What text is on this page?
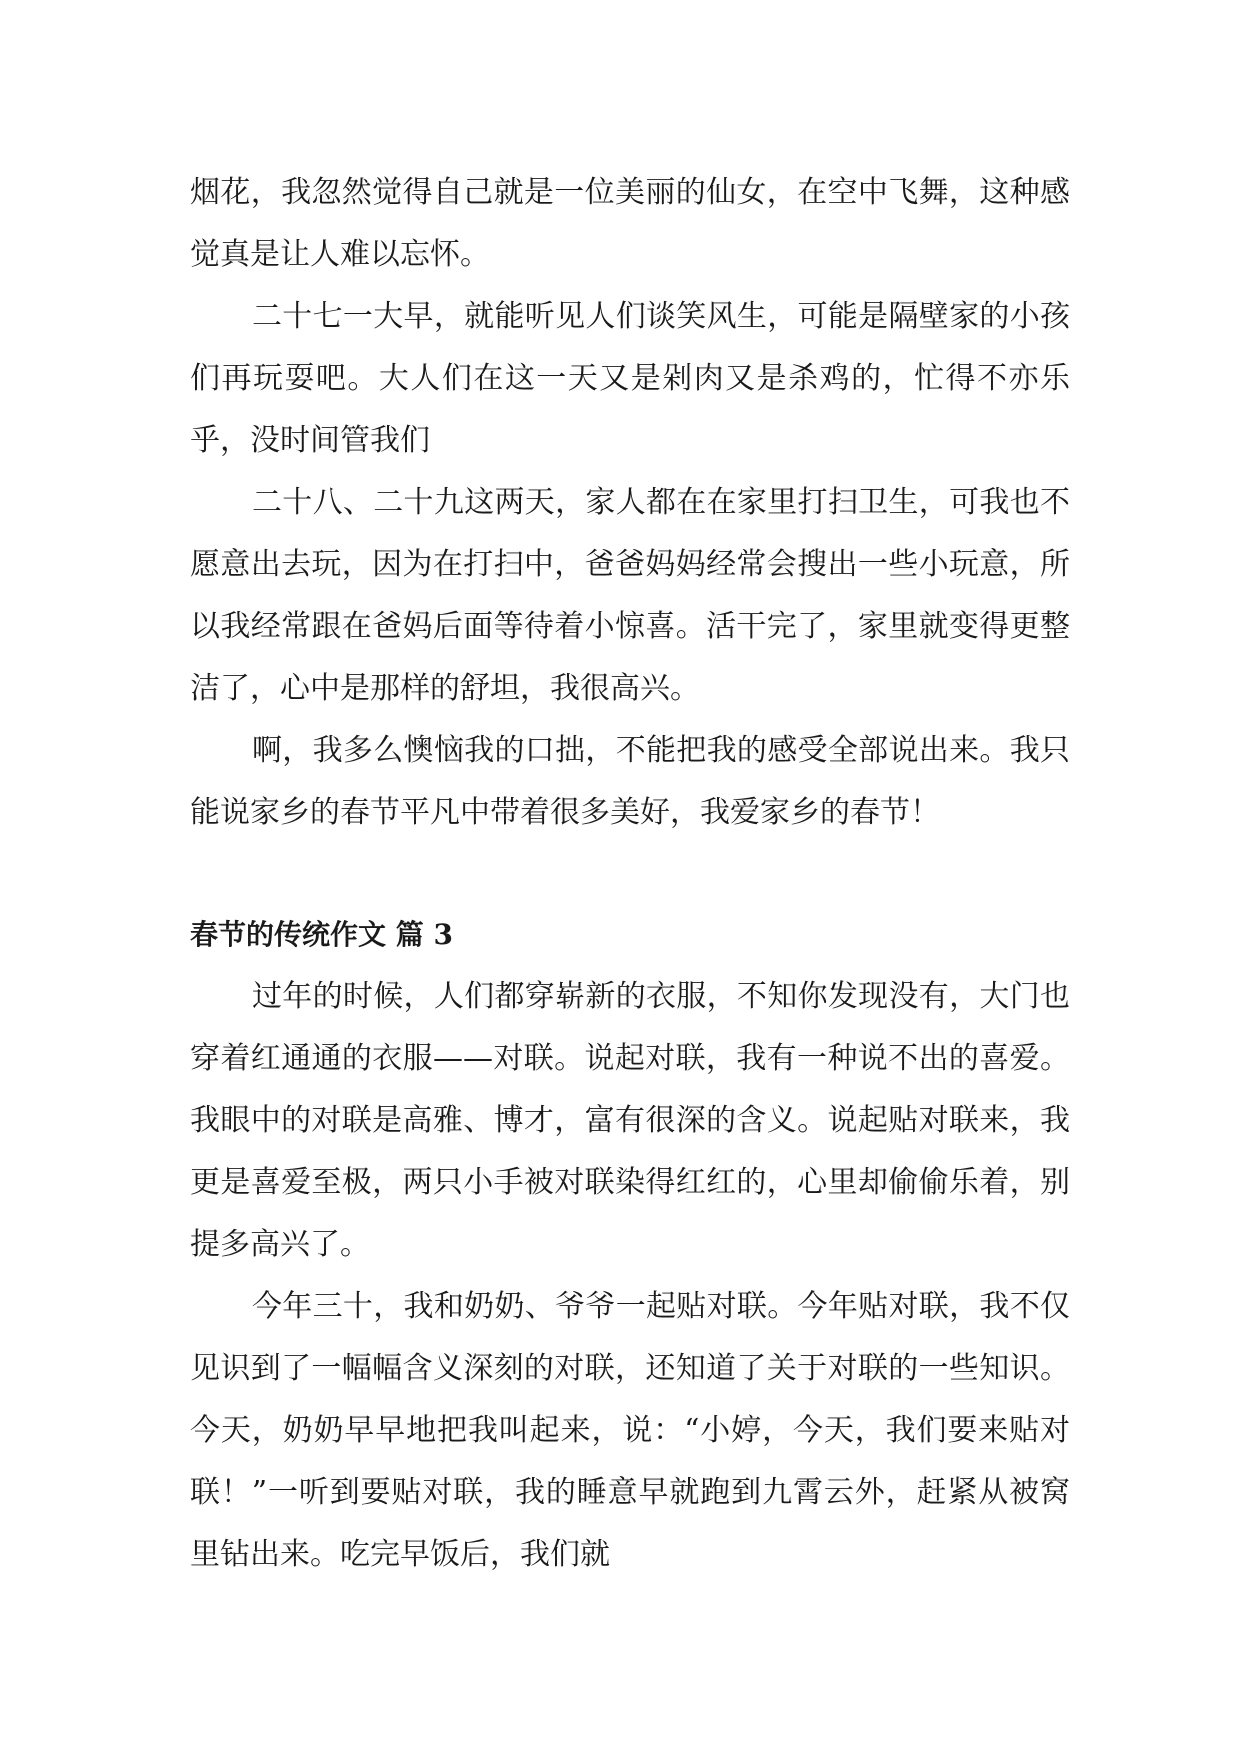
烟花，我忽然觉得自己就是一位美丽的仙女，在空中飞舞，这种感觉真是让人难以忘怀。

二十七一大早，就能听见人们谈笑风生，可能是隔壁家的小孩们再玩耍吧。大人们在这一天又是剁肉又是杀鸡的，忙得不亦乐乎，没时间管我们

二十八、二十九这两天，家人都在在家里打扫卫生，可我也不愿意出去玩，因为在打扫中，爸爸妈妈经常会搜出一些小玩意，所以我经常跟在爸妈后面等待着小惊喜。活干完了，家里就变得更整洁了，心中是那样的舒坦，我很高兴。

啊，我多么懊恼我的口拙，不能把我的感受全部说出来。我只能说家乡的春节平凡中带着很多美好，我爱家乡的春节！

春节的传统作文 篇 3

过年的时候，人们都穿崭新的衣服，不知你发现没有，大门也穿着红通通的衣服——对联。说起对联，我有一种说不出的喜爱。我眼中的对联是高雅、博才，富有很深的含义。说起贴对联来，我更是喜爱至极，两只小手被对联染得红红的，心里却偷偷乐着，别提多高兴了。

今年三十，我和奶奶、爷爷一起贴对联。今年贴对联，我不仅见识到了一幅幅含义深刻的对联，还知道了关于对联的一些知识。今天，奶奶早早地把我叫起来，说：“小婷，今天，我们要来贴对联！”一听到要贴对联，我的睡意早就跑到九霄云外，赶紧从被窝里钻出来。吃完早饭后，我们就
